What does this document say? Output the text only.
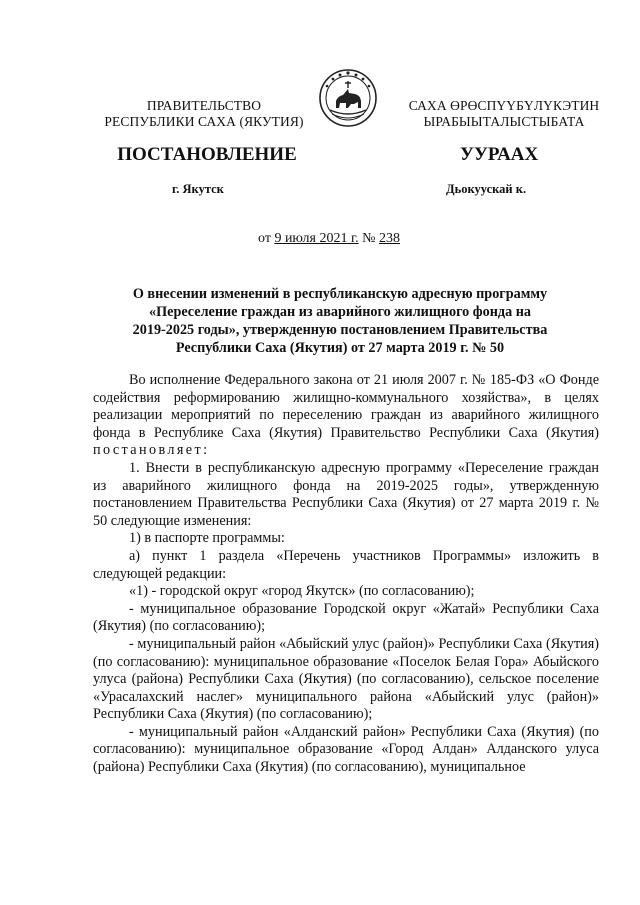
ПРАВИТЕЛЬСТВО
РЕСПУБЛИКИ САХА (ЯКУТИЯ)
САХА ӨРӨСПҮҮБҮЛҮКЭТИН
ЫРАБЫЫТАЛЫСТЫБАТА
ПОСТАНОВЛЕНИЕ	УУРААХ
г. Якутск	Дьокуускай к.
от 9 июля 2021 г. № 238
О внесении изменений в республиканскую адресную программу
«Переселение граждан из аварийного жилищного фонда на
2019-2025 годы», утвержденную постановлением Правительства
Республики Саха (Якутия) от 27 марта 2019 г. № 50

Во исполнение Федерального закона от 21 июля 2007 г. № 185-ФЗ «О Фонде содействия реформированию жилищно-коммунального хозяйства», в целях реализации мероприятий по переселению граждан из аварийного жилищного фонда в Республике Саха (Якутия) Правительство Республики Саха (Якутия) постановляет:

1. Внести в республиканскую адресную программу «Переселение граждан из аварийного жилищного фонда на 2019-2025 годы», утвержденную постановлением Правительства Республики Саха (Якутия) от 27 марта 2019 г. № 50 следующие изменения:

1) в паспорте программы:

а) пункт 1 раздела «Перечень участников Программы» изложить в следующей редакции:

«1) - городской округ «город Якутск» (по согласованию);

- муниципальное образование Городской округ «Жатай» Республики Саха (Якутия) (по согласованию);

- муниципальный район «Абыйский улус (район)» Республики Саха (Якутия) (по согласованию): муниципальное образование «Поселок Белая Гора» Абыйского улуса (района) Республики Саха (Якутия) (по согласованию), сельское поселение «Урасалахский наслег» муниципального района «Абыйский улус (район)» Республики Саха (Якутия) (по согласованию);

- муниципальный район «Алданский район» Республики Саха (Якутия) (по согласованию): муниципальное образование «Город Алдан» Алданского улуса (района) Республики Саха (Якутия) (по согласованию), муниципальное
